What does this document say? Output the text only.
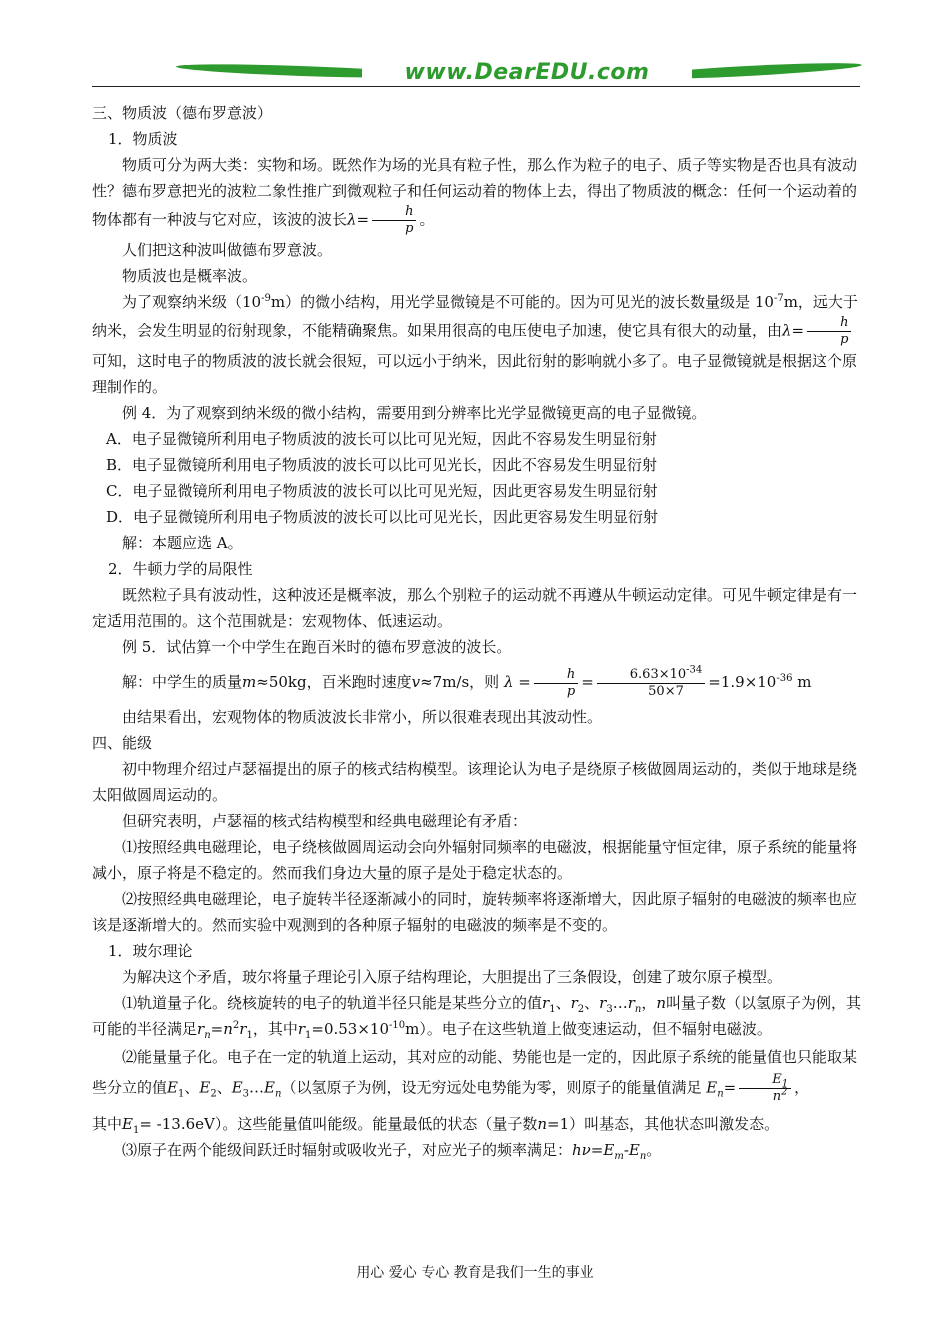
www.DearEDU.com

三、物质波（德布罗意波）

1．物质波

物质可分为两大类：实物和场。既然作为场的光具有粒子性，那么作为粒子的电子、质子等实物是否也具有波动性？德布罗意把光的波粒二象性推广到微观粒子和任何运动着的物体上去，得出了物质波的概念：任何一个运动着的物体都有一种波与它对应，该波的波长$\lambda= \frac{h}{p}$ 。

人们把这种波叫做德布罗意波。

物质波也是概率波。

为了观察纳米级$(10^{-9}m)$的微小结构，用光学显微镜是不可能的。因为可见光的波长数量级是 $10^{-7}m$，远大于纳米，会发生明显的衍射现象，不能精确聚焦。如果用很高的电压使电子加速，使它具有很大的动量，由$\lambda= \frac{h}{p}$
可知，这时电子的物质波的波长就会很短，可以远小于纳米，因此衍射的影响就小多了。电子显微镜就是根据这个原理制作的。

例 4．为了观察到纳米级的微小结构，需要用到分辨率比光学显微镜更高的电子显微镜。

A．电子显微镜所利用电子物质波的波长可以比可见光短，因此不容易发生明显衍射

B．电子显微镜所利用电子物质波的波长可以比可见光长，因此不容易发生明显衍射

C．电子显微镜所利用电子物质波的波长可以比可见光短，因此更容易发生明显衍射

D．电子显微镜所利用电子物质波的波长可以比可见光长，因此更容易发生明显衍射

解：本题应选 A。

2．牛顿力学的局限性

既然粒子具有波动性，这种波还是概率波，那么个别粒子的运动就不再遵从牛顿运动定律。可见牛顿定律是有一定适用范围的。这个范围就是：宏观物体、低速运动。

例 5．试估算一个中学生在跑百米时的德布罗意波的波长。

解：中学生的质量m≈50kg，百米跑时速度v≈7m/s，则 $\lambda = \frac{h}{p} = \frac{6.63\times 10^{-34}}{50\times 7} =1.9\times 10^{-36}$ m

由结果看出，宏观物体的物质波波长非常小，所以很难表现出其波动性。

四、能级

初中物理介绍过卢瑟福提出的原子的核式结构模型。该理论认为电子是绕原子核做圆周运动的，类似于地球是绕太阳做圆周运动的。

但研究表明，卢瑟福的核式结构模型和经典电磁理论有矛盾：

⑴按照经典电磁理论，电子绕核做圆周运动会向外辐射同频率的电磁波，根据能量守恒定律，原子系统的能量将减小，原子将是不稳定的。然而我们身边大量的原子是处于稳定状态的。

⑵按照经典电磁理论，电子旋转半径逐渐减小的同时，旋转频率将逐渐增大，因此原子辐射的电磁波的频率也应该是逐渐增大的。然而实验中观测到的各种原子辐射的电磁波的频率是不变的。

1．玻尔理论

为解决这个矛盾，玻尔将量子理论引入原子结构理论，大胆提出了三条假设，创建了玻尔原子模型。

⑴轨道量子化。绕核旋转的电子的轨道半径只能是某些分立的值$r_1$、$r_2$、$r_3\dots r_n$，n叫量子数（以氢原子为例，其可能的半径满足$r_n=n^2r_1$，其中$r_1=0.53\times 10^{-10}m$）。电子在这些轨道上做变速运动，但不辐射电磁波。

⑵能量量子化。电子在一定的轨道上运动，其对应的动能、势能也是一定的，因此原子系统的能量值也只能取某些分立的值$E_1$、$E_2$、$E_3\dots E_n$（以氢原子为例，设无穷远处电势能为零，则原子的能量值满足 $E_n= \frac{E_1}{n^2}$ ，

其中$E_1= -13.6eV$）。这些能量值叫能级。能量最低的状态（量子数n=1）叫基态，其他状态叫激发态。

⑶原子在两个能级间跃迁时辐射或吸收光子，对应光子的频率满足：$h\nu=E_m-E_n$。

用心 爱心 专心 教育是我们一生的事业
